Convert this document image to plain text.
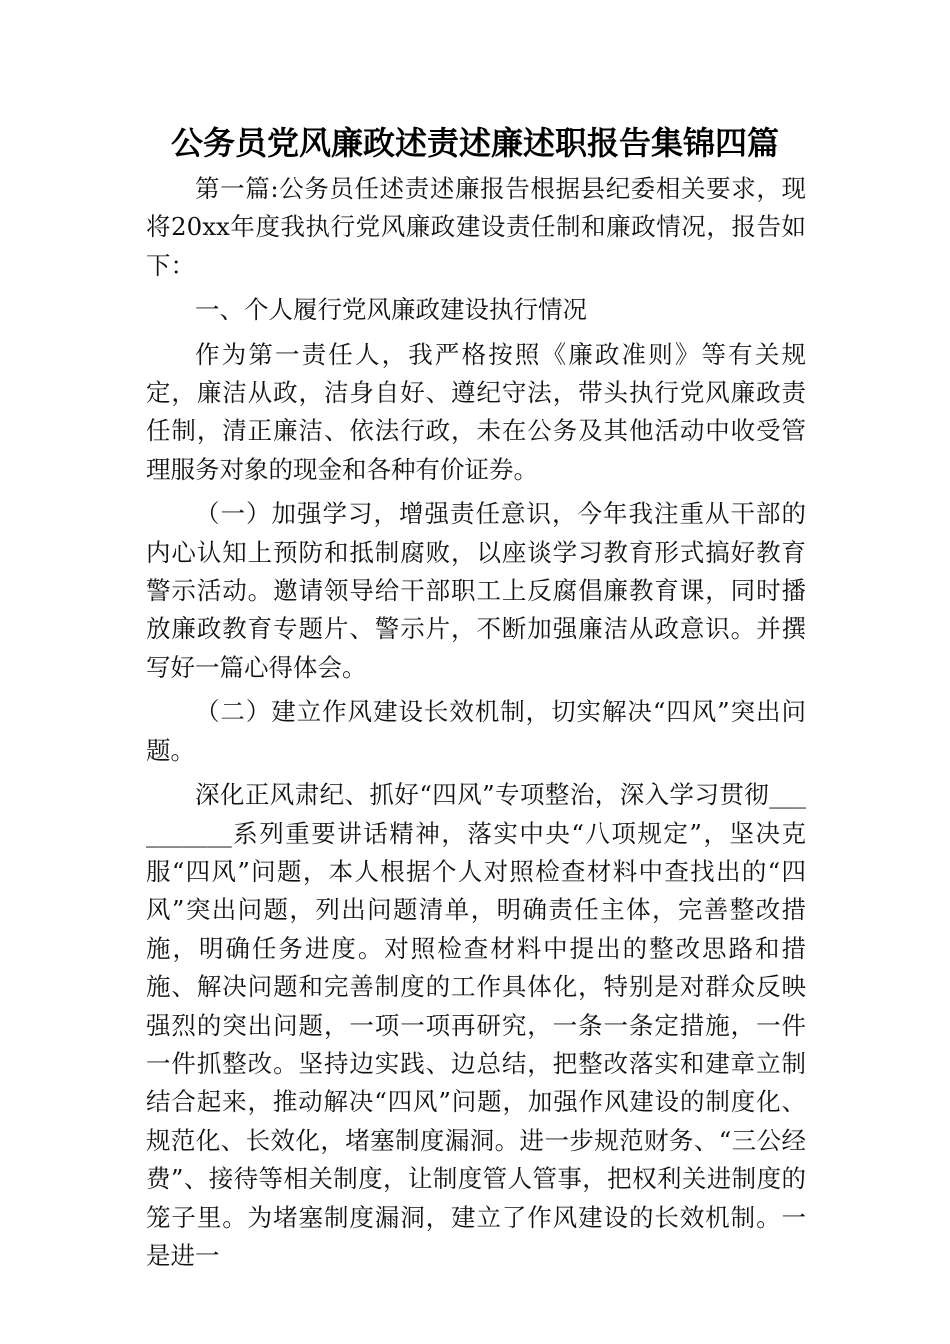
公务员党风廉政述责述廉述职报告集锦四篇

第一篇:公务员任述责述廉报告根据县纪委相关要求，现将20xx年度我执行党风廉政建设责任制和廉政情况，报告如下：

一、个人履行党风廉政建设执行情况

作为第一责任人，我严格按照《廉政准则》等有关规定，廉洁从政，洁身自好、遵纪守法，带头执行党风廉政责任制，清正廉洁、依法行政，未在公务及其他活动中收受管理服务对象的现金和各种有价证券。

（一）加强学习，增强责任意识，今年我注重从干部的内心认知上预防和抵制腐败，以座谈学习教育形式搞好教育警示活动。邀请领导给干部职工上反腐倡廉教育课，同时播放廉政教育专题片、警示片，不断加强廉洁从政意识。并撰写好一篇心得体会。

（二）建立作风建设长效机制，切实解决“四风”突出问题。

深化正风肃纪、抓好“四风”专项整治，深入学习贯彻__________系列重要讲话精神，落实中央“八项规定”，坚决克服“四风”问题，本人根据个人对照检查材料中查找出的“四风”突出问题，列出问题清单，明确责任主体，完善整改措施，明确任务进度。对照检查材料中提出的整改思路和措施、解决问题和完善制度的工作具体化，特别是对群众反映强烈的突出问题，一项一项再研究，一条一条定措施，一件一件抓整改。坚持边实践、边总结，把整改落实和建章立制结合起来，推动解决“四风”问题，加强作风建设的制度化、规范化、长效化，堵塞制度漏洞。进一步规范财务、“三公经费”、接待等相关制度，让制度管人管事，把权利关进制度的笼子里。为堵塞制度漏洞，建立了作风建设的长效机制。一是进一
